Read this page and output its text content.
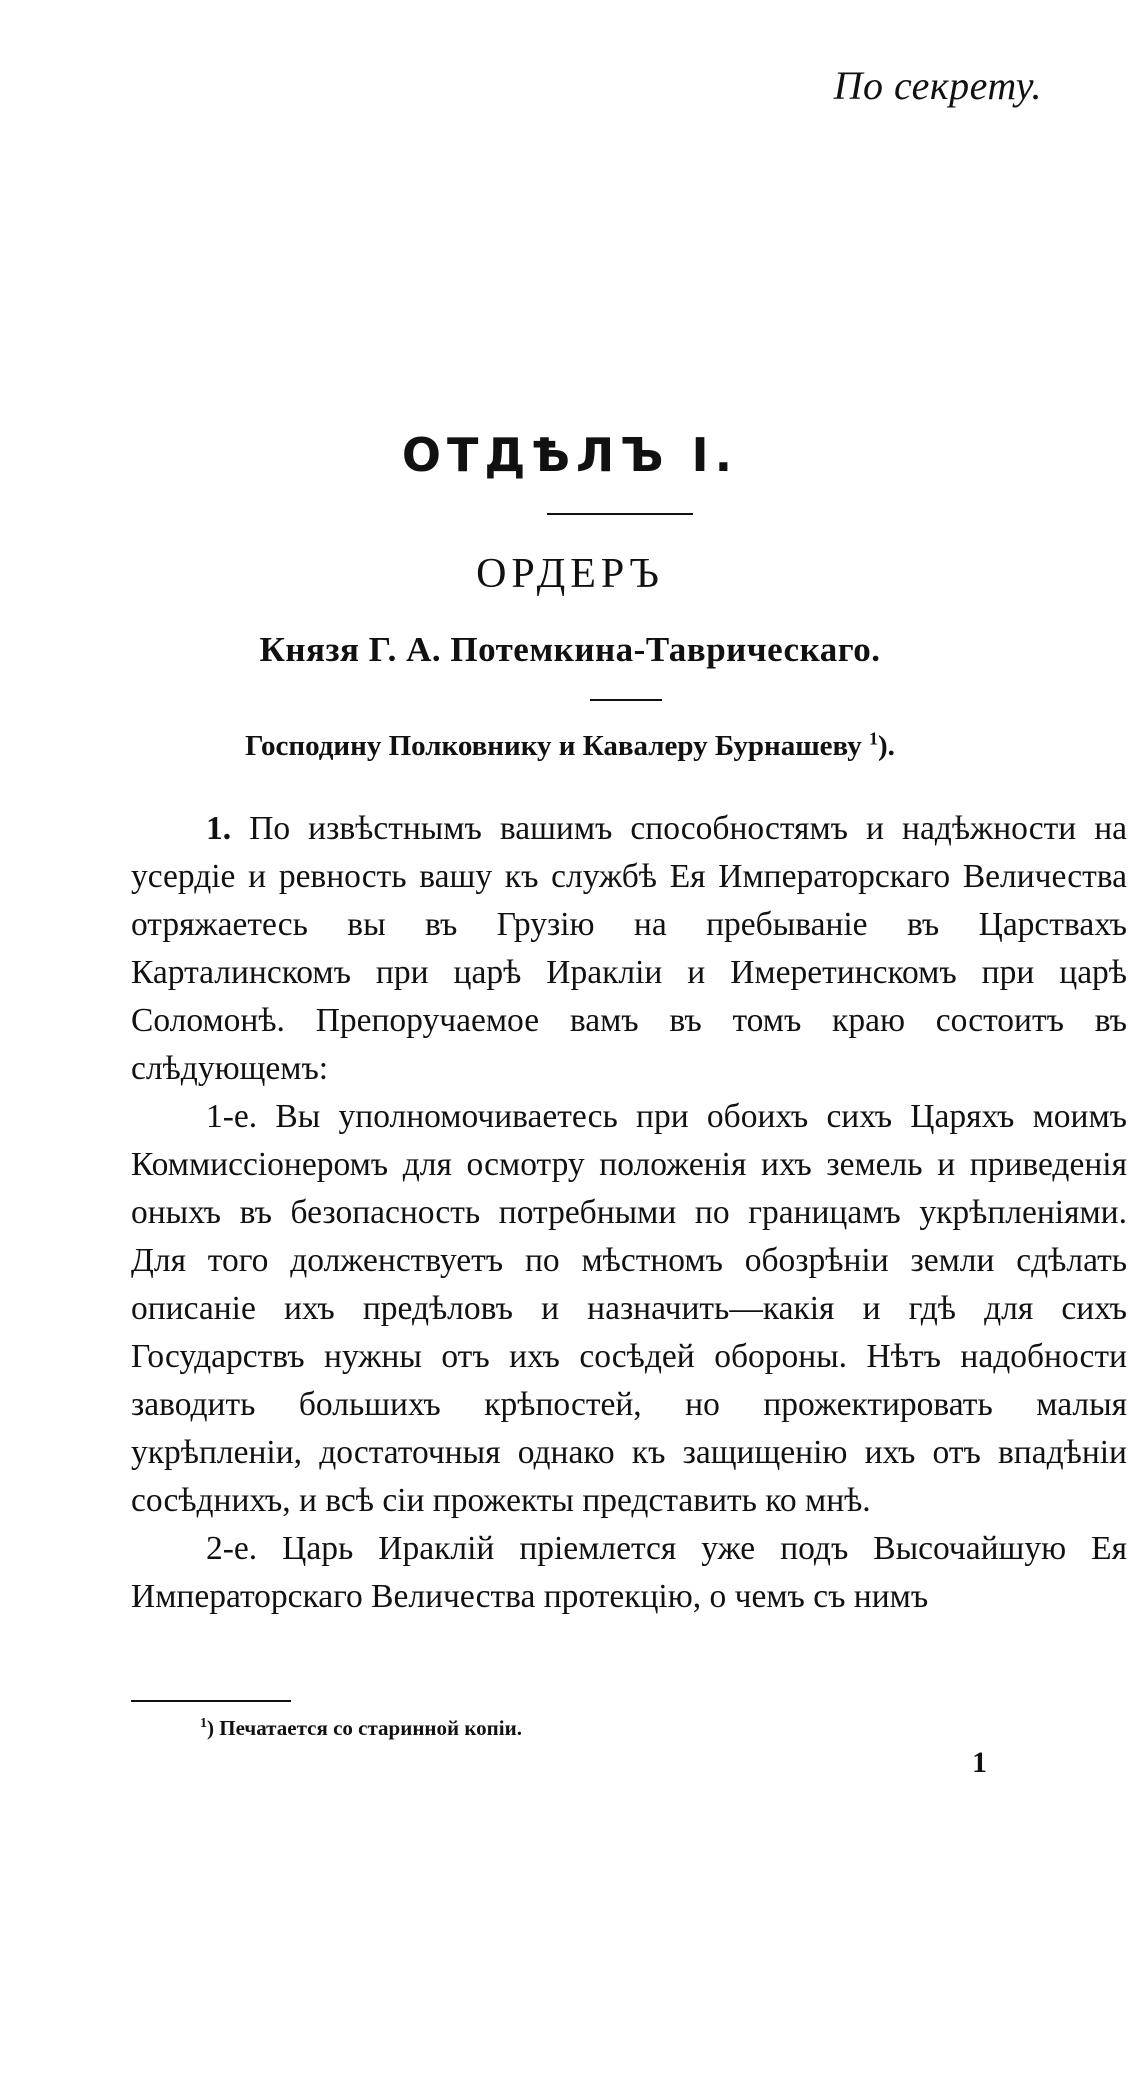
По секрету.
ОТДѢЛЪ I.
ОРДЕРЪ
Князя Г. А. Потемкина-Таврическаго.
Господину Полковнику и Кавалеру Бурнашеву $^1$).

1. По извѣстнымъ вашимъ способностямъ и надѣжности на усердіе и ревность вашу къ службѣ Ея Императорскаго Величества отряжаетесь вы въ Грузію на пребываніе въ Царствахъ Карталинскомъ при царѣ Ираклiи и Имеретинскомъ при царѣ Соломонѣ. Препоручаемое вамъ въ томъ краю состоитъ въ слѣдующемъ:

1-е. Вы уполномочиваетесь при обоихъ сихъ Царяхъ моимъ Коммиссіонеромъ для осмотру положенія ихъ земель и приведенія оныхъ въ безопасность потребными по границамъ укрѣпленіями. Для того долженствуетъ по мѣстномъ обозрѣніи земли сдѣлать описаніе ихъ предѣловъ и назначить—какія и гдѣ для сихъ Государствъ нужны отъ ихъ сосѣдей обороны. Нѣтъ надобности заводить большихъ крѣпостей, но прожектировать малыя укрѣпленіи, достаточныя однако къ защищенію ихъ отъ впадѣніи сосѣднихъ, и всѣ сіи прожекты представить ко мнѣ.

2-е. Царь Ираклій пріемлется уже подъ Высочайшую Ея Императорскаго Величества протекцію, о чемъ съ нимъ

$^1$) Печатается со старинной копіи.
1
